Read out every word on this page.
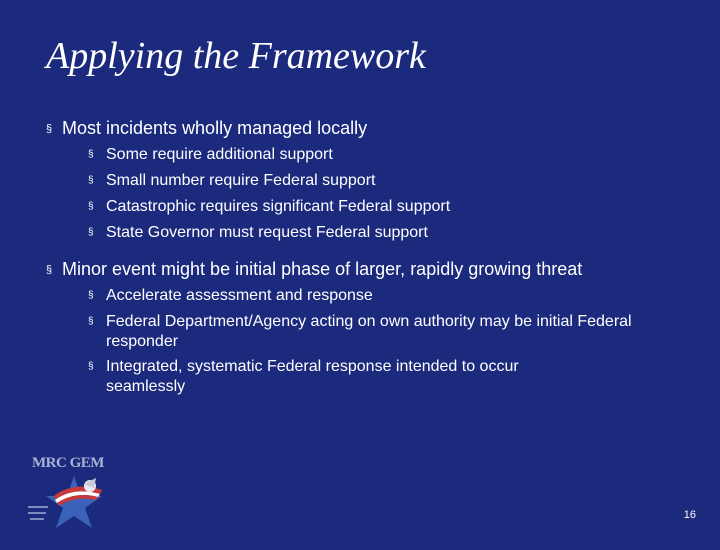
Applying the Framework
§ Most incidents wholly managed locally
§ Some require additional support
§ Small number require Federal support
§ Catastrophic requires significant Federal support
§ State Governor must request Federal support
§ Minor event might be initial phase of larger, rapidly growing threat
§ Accelerate assessment and response
§ Federal Department/Agency acting on own authority may be initial Federal responder
§ Integrated, systematic Federal response intended to occur seamlessly
MRC GEM
16
